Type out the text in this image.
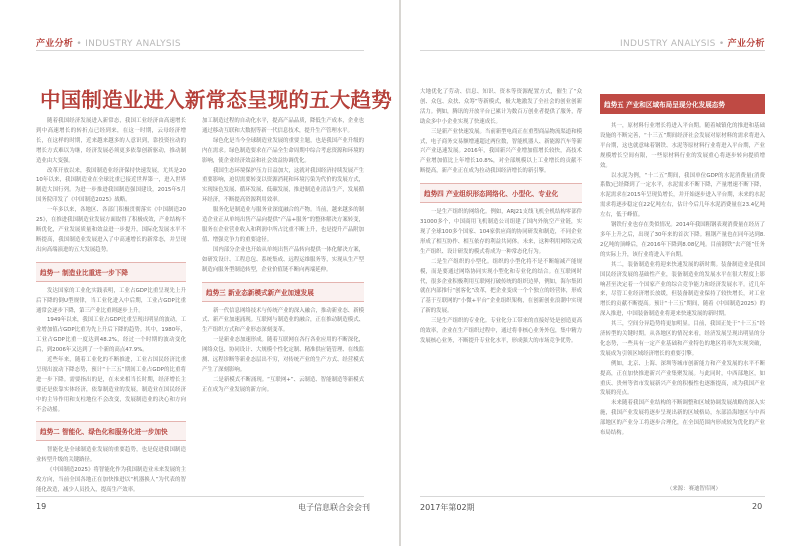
产业分析 • INDUSTRY ANALYSIS	INDUSTRY ANALYSIS • 产业分析
中国制造业进入新常态呈现的五大趋势

随着我国经济发展进入新常态，我国工业经济由高速增长到中高速增长的转折点已经到来，在这一时期，云母经济增长，在这样的时期，近来越来越多的人意识到，靠投资拉动的增长方式难以为继，经济发展必须更多依靠创新驱动，推动制造业由大变强。

改革开放以来，我国制造业经济保持快速发展，尤其是2010年以来，我国制造业在全球比重已接近世界第一，进入世界制造大国行列。为进一步推进我国制造强国建设，2015年5月国务院印发了《中国制造2025》战略。

一年多以来，各地区、各部门积极贯彻落实《中国制造2025》，在推进我国制造业发展方面取得了积极成效，产业结构不断优化，产业发展质量和效益进一步提升，国际化发展水平不断提高，我国制造业发展进入了中高速增长的新常态，并呈现出向高端演进的五大发展趋势。

趋势一 制造业比重进一步下降

发达国家的工业化实践表明，工业占GDP比重呈现先上升后下降的倒U型规律，当工业化进入中后期，工业占GDP比重通常会逐步下降，第三产业比重则逐步上升。

1949年以来，我国工业占GDP比重呈现出明显的波动，工业增加值占GDP比重为先上升后下降的趋势。其中，1980年，工业占GDP比重一度达到48.2%，经过一个时期的波动变化后，到2006年又达到了一个新的高点47.9%。

近些年来，随着工业化的不断推进，工业占国民经济比重呈现出波动下降态势，预计“十三五”期间工业占GDP的比重将进一步下降。需要指出的是，在未来相当长时期，经济增长主要还是依靠实体经济，依靠制造业的发展，制造业在国民经济中的主导作用和支柱地位不会改变，发展制造业的决心和方向不会动摇。

趋势二 智能化、绿色化和服务化进一步加快

智能化是全球制造业发展的重要趋势，也是促进我国制造业转型升级的关键路径。

《中国制造2025》将智能化作为我国制造业未来发展的主攻方向，当前全国各地正在加快推进以“机器换人”为代表的智能化改造，减少人员投入，提高生产效率。

加工制造过程的自动化水平，提高产品品质，降低生产成本，企业也通过移动互联和大数据等新一代信息技术，提升生产管理水平。

绿色化是当今全球制造业发展的重要主题，也是我国产业升级的内在需求。绿色制造要求在产品全生命周期中综合考虑资源和环境的影响，使企业经济效益和社会效益协调优化。

我国生态环境保护压力日益加大，这就对我国经济持续发展产生重要影响，迫切需要转变以资源消耗和环境污染为代价的发展方式，实现绿色发展、循环发展、低碳发展，推进制造业清洁生产，发展循环经济，不断提高资源利用效率。

服务化是制造业与服务业深度融合的产物。当前，越来越多的制造企业正从单纯出售产品向提供“产品+服务”的整体解决方案转变，服务在企业营业收入和利润中所占比重不断上升，也是提升产品附加值、增强竞争力的重要途径。

国内部分企业也开始从单纯出售产品转向提供一体化解决方案，如研发设计、工程总包、系统集成、远程运维服务等，实现从生产型制造向服务型制造转型，企业价值链不断向两端延伸。

趋势三 新业态新模式新产业加速发展

新一代信息网络技术与传统产业的深入融合，推动新业态、新模式、新产业加速涌现。互联网与制造业的融合，正在推动制造模式、生产组织方式和产业形态深刻变革。

一是新业态加速形成。随着互联网在各行各业应用的不断深化，网络众包、协同设计、大规模个性化定制、精准供应链管理、在线监测、远程诊断等新业态层出不穷，对传统产业的生产方式、经营模式产生了深刻影响。

二是新模式不断涌现。“互联网+”、云制造、智能制造等新模式正在成为产业发展的新方向。

大地优化了劳动、信息、知识、资本等资源配置方式，催生了“众创、众包、众扶、众筹”等新模式，极大地激发了全社会的创业创新活力。例如，腾讯的开放平台已累计为数百万创业者提供了服务，帮助众多中小企业实现了快速成长。

三是新产业快速发展。当前新型电商正在重塑商品物流渠道和模式，电子商务交易额增速超过两位数，智能机器人、新能源汽车等新兴产业迅速发展。2016年，我国新兴产业增加值增长较快，高技术产业增加值比上年增长10.8%，对全部规模以上工业增长的贡献不断提高，新产业正在成为拉动我国经济增长的新引擎。

趋势四 产业组织形态网络化、小型化、专业化

一是生产组织的网络化。例如，ARJ21支线飞机全机结构零部件31000多个，中国商用飞机制造公司组建了国内外航空产业链，实现了全球100多个国家、104家供应商的协同研发和制造，不同企业形成了相互协作、相互依存的利益共同体。未来，这种利用网络完成生产组织、设计研发的模式将成为一种常态化行为。

二是生产组织的小型化。组织的小型化将不是不断缩减产能规模，而是要通过网络协同实现小型化和专业化的结合。在互联网时代，很多企业积极利用互联网打破传统的组织边界，例如，海尔集团就在内部推行“创客化”改革，把企业变成一个个独立的经营体，形成了基于互联网的“小微+平台”企业组织架构，在创新创业浪潮中实现了新的发展。

三是生产组织的专业化。专业化分工带来的直接好处是创造更高的效率，企业在生产组织过程中，通过将非核心业务外包，集中精力发展核心业务，不断提升专业化水平，形成强大的市场竞争优势。

趋势五 产业和区域布局呈现分化发展态势

其一，原材料行业增长将进入平台期。随着城镇化的推进和基础设施的不断完善，“十三五”期间经济社会发展对原材料的需求将进入平台期，这也就意味着钢铁、水泥等原材料行业将进入平台期，产业规模增长空间有限，一些原材料行业的发展重心将逐步转向提质增效。

以水泥为例，“十二五”期间，我国单位GDP的水泥消费量(消费系数)已经降到了一定水平，水泥需求不断下降，产量增速不断下降，水泥需求在2015年呈现负增长，并开始逐步进入平台期，未来的水泥需求将逐步稳定在22亿吨左右，估计今后几年水泥消费量在23.4亿吨左右，低于峰值。

钢铁行业也存在类似情况。2014年我国粗钢表观消费量在经历了多年上升之后，出现了30年来的首次下降。粗钢产量也在同年达到8.2亿吨的顶峰后，在2016年下降到8.08亿吨。目前钢铁“去产能”任务的实际上升，该行业将进入平台期。

其二，装备制造业将迎来快速发展的新时期。装备制造业是我国国民经济发展的基础性产业，装备制造业的发展水平在很大程度上影响甚至决定着一个国家产业的综合竞争能力和经济发展水平。近几年来，尽管工业经济增长放缓，但装备制造业保持了较快增长，对工业增长的贡献不断提高。预计“十三五”期间，随着《中国制造2025》的深入推进，中国装备制造业将迎来快速发展的新时期。

其三，空间分异趋势将更加明显。目前，我国正处于“十三五”经济转型的关键时期。从各地区的情况来看，经济发展呈现出明显的分化态势，一些具有一定产业基础和产业特色的地区将率先实现突破，发展成为引领区域经济增长的重要引擎。

例如，北京、上海、深圳等城市创新能力和产业发展的水平不断提高，正在加快推进新兴产业集聚发展。与此同时，中西部地区，如重庆、贵州等省市发展新兴产业的积极性也逐渐提高，成为我国产业发展的亮点。

未来随着我国产业结构的不断调整和区域协调发展战略的深入实施，我国产业发展将逐步呈现出新的区域格局，东部沿海地区与中西部地区的产业分工将逐步合理化，在全国范围内形成较为优化的产业布局结构。

（来源：赛迪智库网）
19	电子信息联合会会刊	2017年第02期	20
